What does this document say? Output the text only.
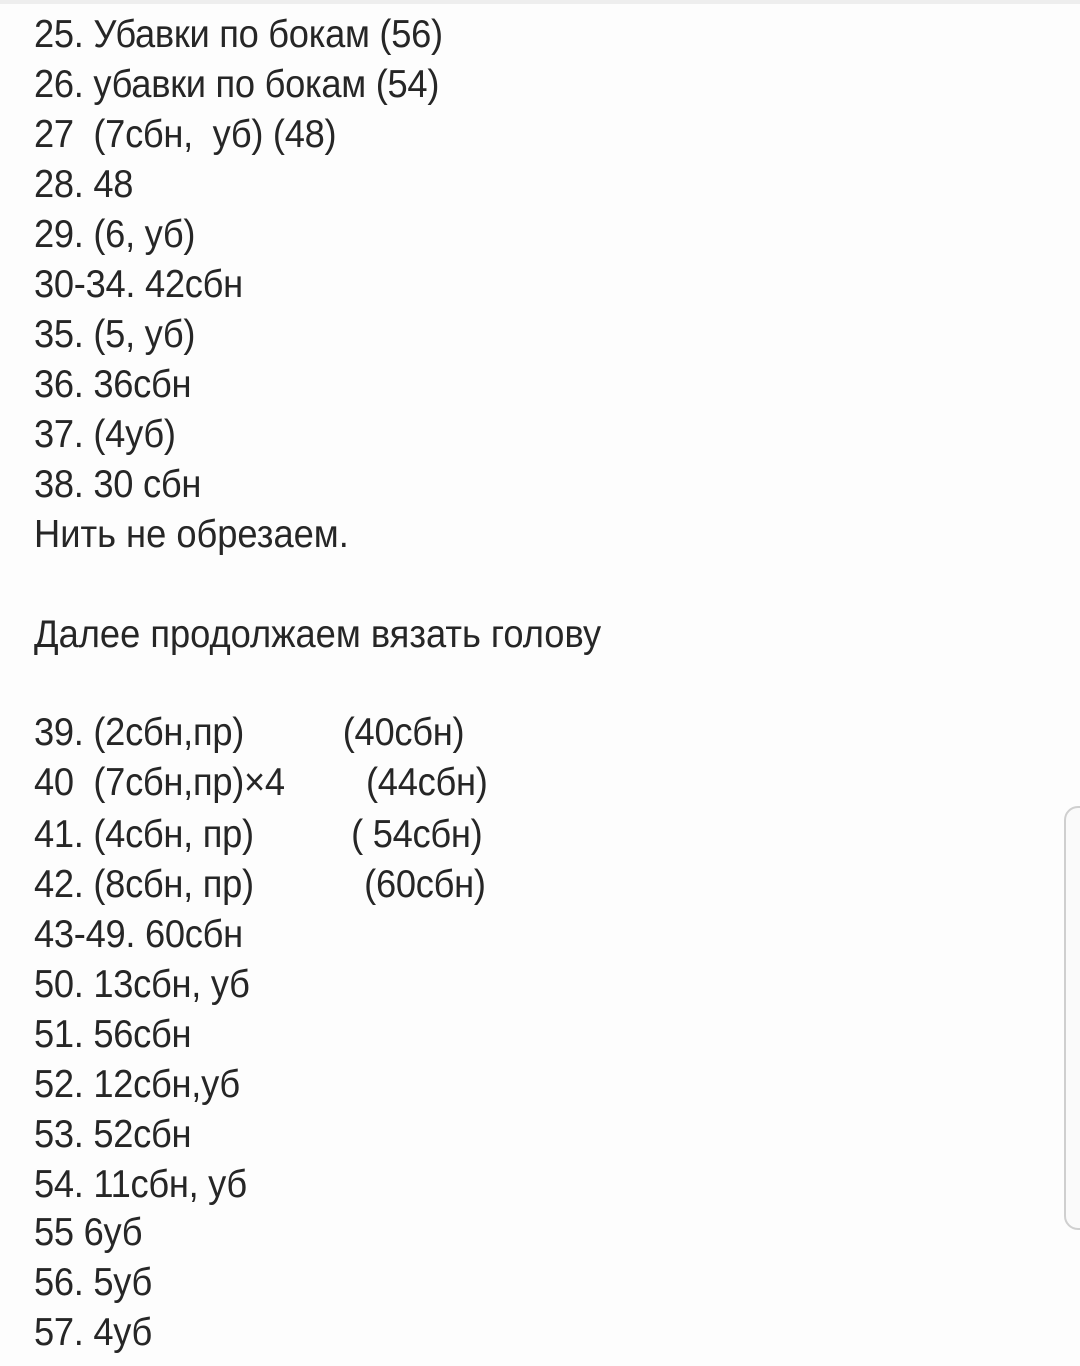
25. Убавки по бокам (56)
26. убавки по бокам (54)
27  (7сбн,  уб) (48)
28. 48
29. (6, уб)
30-34. 42сбн
35. (5, уб)
36. 36сбн
37. (4уб)
38. 30 сбн
Нить не обрезаем.
Далее продолжаем вязать голову

39. (2сбн,пр)

	(40сбн)

40  (7сбн,пр)×4

(44сбн)

41. (4сбн, пр)

( 54сбн)

42. (8сбн, пр)

	(60сбн)

43-49. 60сбн
50. 13сбн, уб
51. 56сбн
52. 12сбн,уб
53. 52сбн
54. 11сбн, уб
55 6уб
56. 5уб
57. 4уб
